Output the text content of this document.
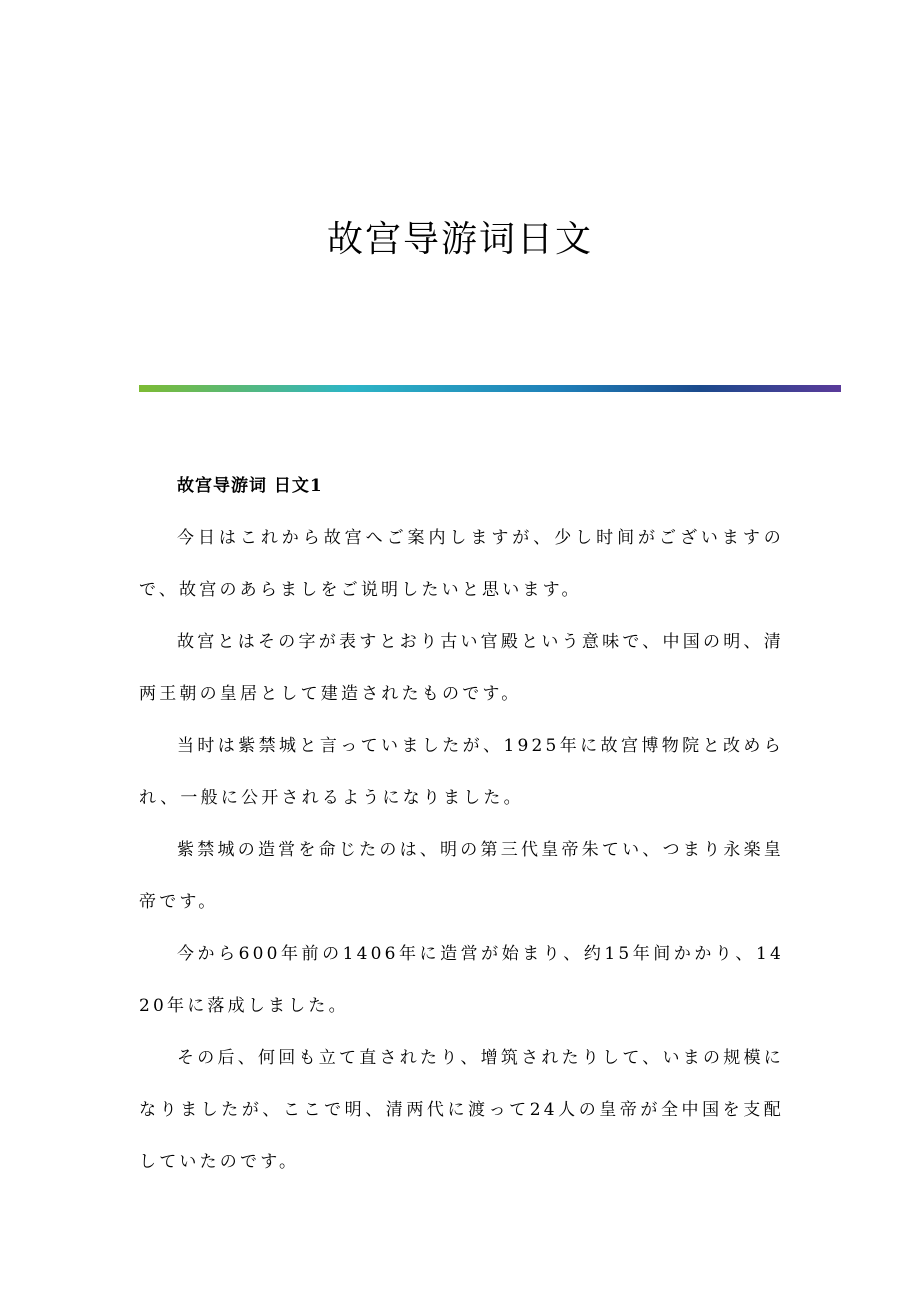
故宫导游词日文

故宫导游词 日文1

今日はこれから故宫へご案内しますが、少し时间がございますので、故宫のあらましをご说明したいと思います。

故宫とはその字が表すとおり古い官殿という意味で、中国の明、清两王朝の皇居として建造されたものです。

当时は紫禁城と言っていましたが、1925年に故宫博物院と改められ、一般に公开されるようになりました。

紫禁城の造営を命じたのは、明の第三代皇帝朱てい、つまり永楽皇帝です。

今から600年前の1406年に造営が始まり、约15年间かかり、1420年に落成しました。

その后、何回も立て直されたり、增筑されたりして、いまの规模になりましたが、ここで明、清两代に渡って24人の皇帝が全中国を支配していたのです。
